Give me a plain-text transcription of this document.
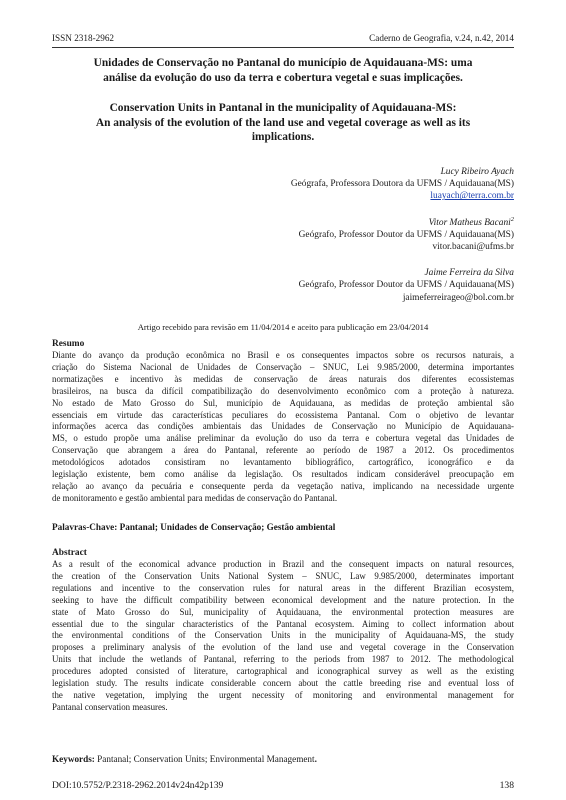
ISSN 2318-2962	Caderno de Geografia, v.24, n.42, 2014
Unidades de Conservação no Pantanal do município de Aquidauana-MS: uma
análise da evolução do uso da terra e cobertura vegetal e suas implicações.
Conservation Units in Pantanal in the municipality of Aquidauana-MS:
An analysis of the evolution of the land use and vegetal coverage as well as its
implications.
Lucy Ribeiro Ayach
Geógrafa, Professora Doutora da UFMS / Aquidauana(MS)
luayach@terra.com.br
Vitor Matheus Bacani$^2$
Geógrafo, Professor Doutor da UFMS / Aquidauana(MS)
vitor.bacani@ufms.br
Jaime Ferreira da Silva
Geógrafo, Professor Doutor da UFMS / Aquidauana(MS)
jaimeferreirageo@bol.com.br
Artigo recebido para revisão em 11/04/2014 e aceito para publicação em 23/04/2014
Resumo
Diante do avanço da produção econômica no Brasil e os consequentes impactos sobre os recursos naturais, a
criação do Sistema Nacional de Unidades de Conservação – SNUC, Lei 9.985/2000, determina importantes
normatizações e incentivo às medidas de conservação de áreas naturais dos diferentes ecossistemas
brasileiros, na busca da difícil compatibilização do desenvolvimento econômico com a proteção à natureza.
No estado de Mato Grosso do Sul, município de Aquidauana, as medidas de proteção ambiental são
essenciais em virtude das características peculiares do ecossistema Pantanal. Com o objetivo de levantar
informações acerca das condições ambientais das Unidades de Conservação no Município de Aquidauana-
MS, o estudo propõe uma análise preliminar da evolução do uso da terra e cobertura vegetal das Unidades de
Conservação que abrangem a área do Pantanal, referente ao período de 1987 a 2012. Os procedimentos
metodológicos adotados consistiram no levantamento bibliográfico, cartográfico, iconográfico e da
legislação existente, bem como análise da legislação. Os resultados indicam considerável preocupação em
relação ao avanço da pecuária e consequente perda da vegetação nativa, implicando na necessidade urgente
de monitoramento e gestão ambiental para medidas de conservação do Pantanal.
Palavras-Chave: Pantanal; Unidades de Conservação; Gestão ambiental
Abstract
As a result of the economical advance production in Brazil and the consequent impacts on natural resources,
the creation of the Conservation Units National System – SNUC, Law 9.985/2000, determinates important
regulations and incentive to the conservation rules for natural areas in the different Brazilian ecosystem,
seeking to have the difficult compatibility between economical development and the nature protection. In the
state of Mato Grosso do Sul, municipality of Aquidauana, the environmental protection measures are
essential due to the singular characteristics of the Pantanal ecosystem. Aiming to collect information about
the environmental conditions of the Conservation Units in the municipality of Aquidauana-MS, the study
proposes a preliminary analysis of the evolution of the land use and vegetal coverage in the Conservation
Units that include the wetlands of Pantanal, referring to the periods from 1987 to 2012. The methodological
procedures adopted consisted of literature, cartographical and iconographical survey as well as the existing
legislation study. The results indicate considerable concern about the cattle breeding rise and eventual loss of
the native vegetation, implying the urgent necessity of monitoring and environmental management for
Pantanal conservation measures.
Keywords: Pantanal; Conservation Units; Environmental Management.
DOI:10.5752/P.2318-2962.2014v24n42p139	138
